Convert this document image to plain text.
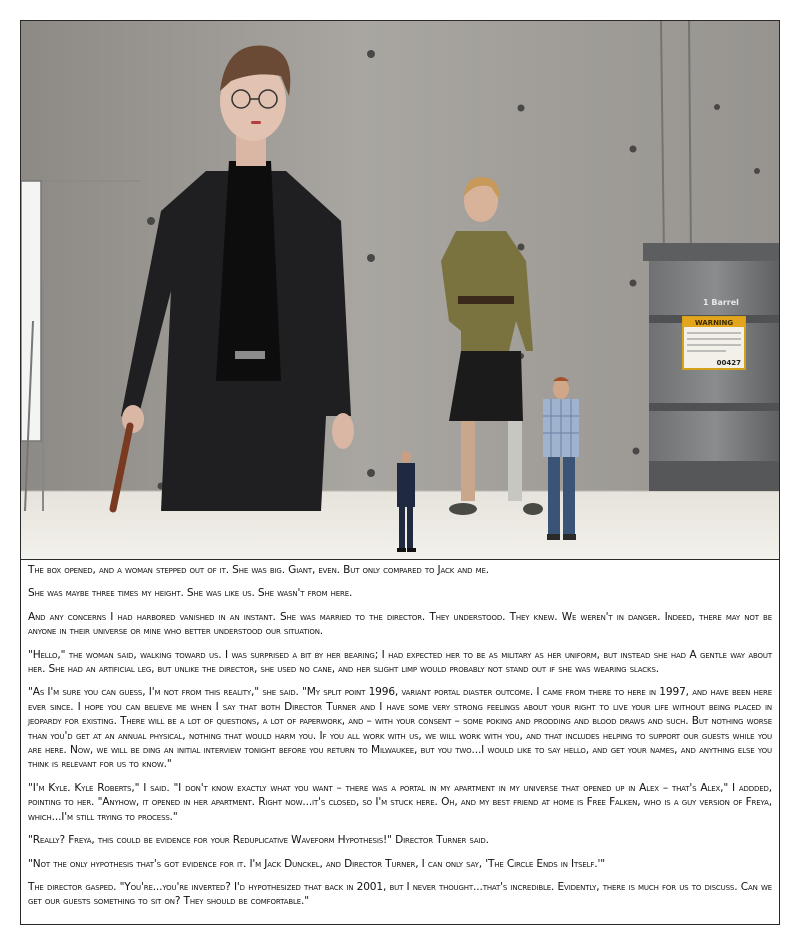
1 Barrel
WARNING
00427

The box opened, and a woman stepped out of it. She was big. Giant, even. But only compared to Jack and me.

She was maybe three times my height. She was like us. She wasn't from here.

And any concerns I had harbored vanished in an instant. She was married to the director. They understood. They knew. We weren't in danger. Indeed, there may not be anyone in their universe or mine who better understood our situation.

"Hello," the woman said, walking toward us. I was surprised a bit by her bearing; I had expected her to be as military as her uniform, but instead she had A gentle way about her. She had an artificial leg, but unlike the director, she used no cane, and her slight limp would probably not stand out if she was wearing slacks.

"As I'm sure you can guess, I'm not from this reality," she said. "My split point 1996, variant portal diaster outcome. I came from there to here in 1997, and have been here ever since. I hope you can believe me when I say that both Director Turner and I have some very strong feelings about your right to live your life without being placed in jeopardy for existing. There will be a lot of questions, a lot of paperwork, and – with your consent – some poking and prodding and blood draws and such. But nothing worse than you'd get at an annual physical, nothing that would harm you. If you all work with us, we will work with you, and that includes helping to support our guests while you are here. Now, we will be ding an initial interview tonight before you return to Milwaukee, but you two...I would like to say hello, and get your names, and anything else you think is relevant for us to know."

"I'm Kyle. Kyle Roberts," I said. "I don't know exactly what you want – there was a portal in my apartment in my universe that opened up in Alex – that's Alex," I addded, pointing to her. "Anyhow, it opened in her apartment. Right now...it's closed, so I'm stuck here. Oh, and my best friend at home is Free Falken, who is a guy version of Freya, which...I'm still trying to process."

"Really? Freya, this could be evidence for your Reduplicative Waveform Hypothesis!" Director Turner said.

"Not the only hypothesis that's got evidence for it. I'm Jack Dunckel, and Director Turner, I can only say, 'The Circle Ends in Itself.'"

The director gasped. "You're...you're inverted? I'd hypothesized that back in 2001, but I never thought...that's incredible. Evidently, there is much for us to discuss. Can we get our guests something to sit on? They should be comfortable."
